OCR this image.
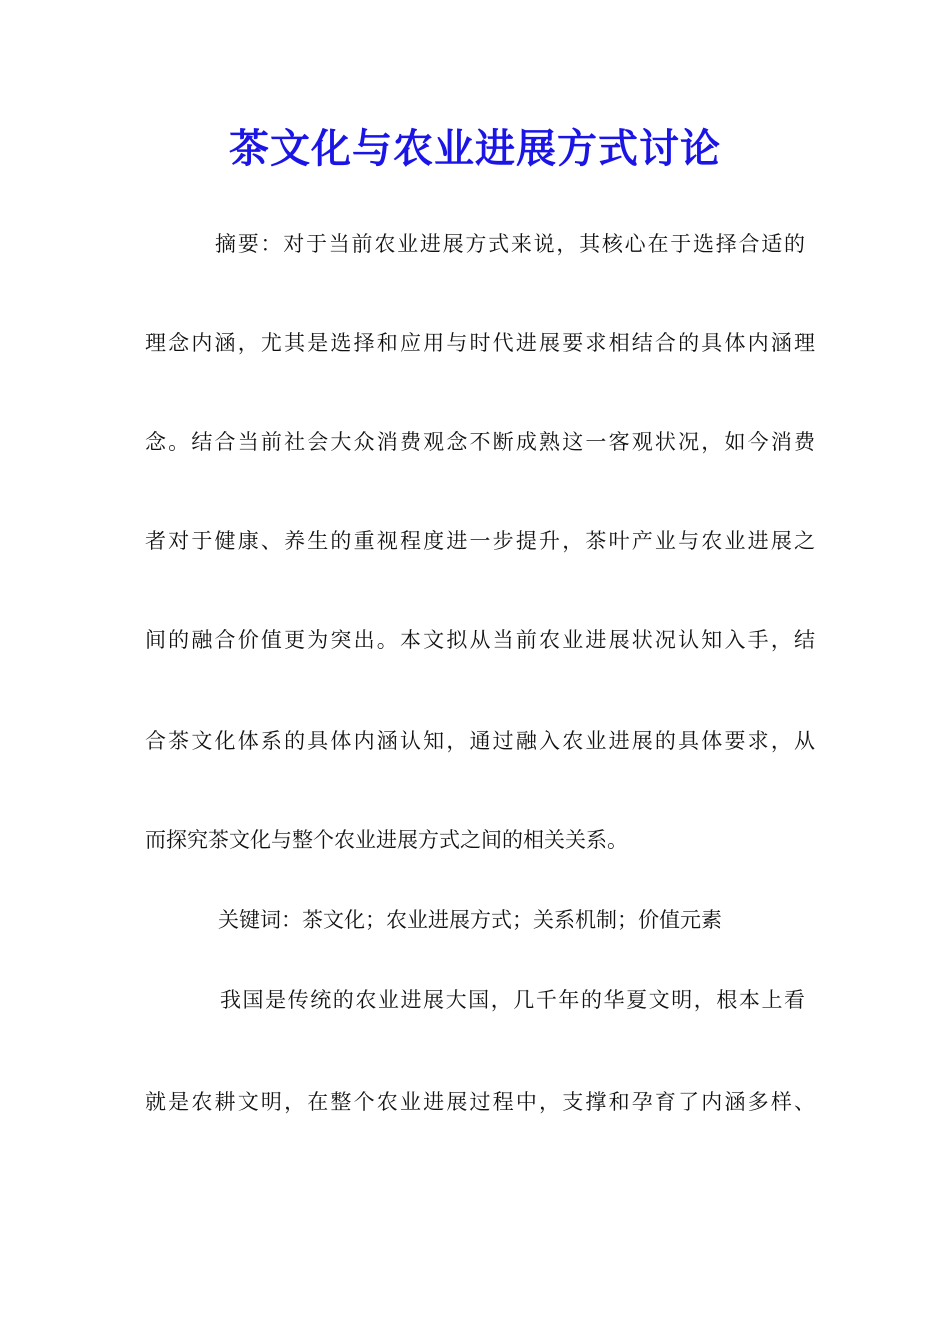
茶文化与农业进展方式讨论
摘要：对于当前农业进展方式来说，其核心在于选择合适的
理念内涵，尤其是选择和应用与时代进展要求相结合的具体内涵理
念。结合当前社会大众消费观念不断成熟这一客观状况，如今消费
者对于健康、养生的重视程度进一步提升，茶叶产业与农业进展之
间的融合价值更为突出。本文拟从当前农业进展状况认知入手，结
合茶文化体系的具体内涵认知，通过融入农业进展的具体要求，从
而探究茶文化与整个农业进展方式之间的相关关系。
关键词：茶文化；农业进展方式；关系机制；价值元素
我国是传统的农业进展大国，几千年的华夏文明，根本上看
就是农耕文明，在整个农业进展过程中，支撑和孕育了内涵多样、
